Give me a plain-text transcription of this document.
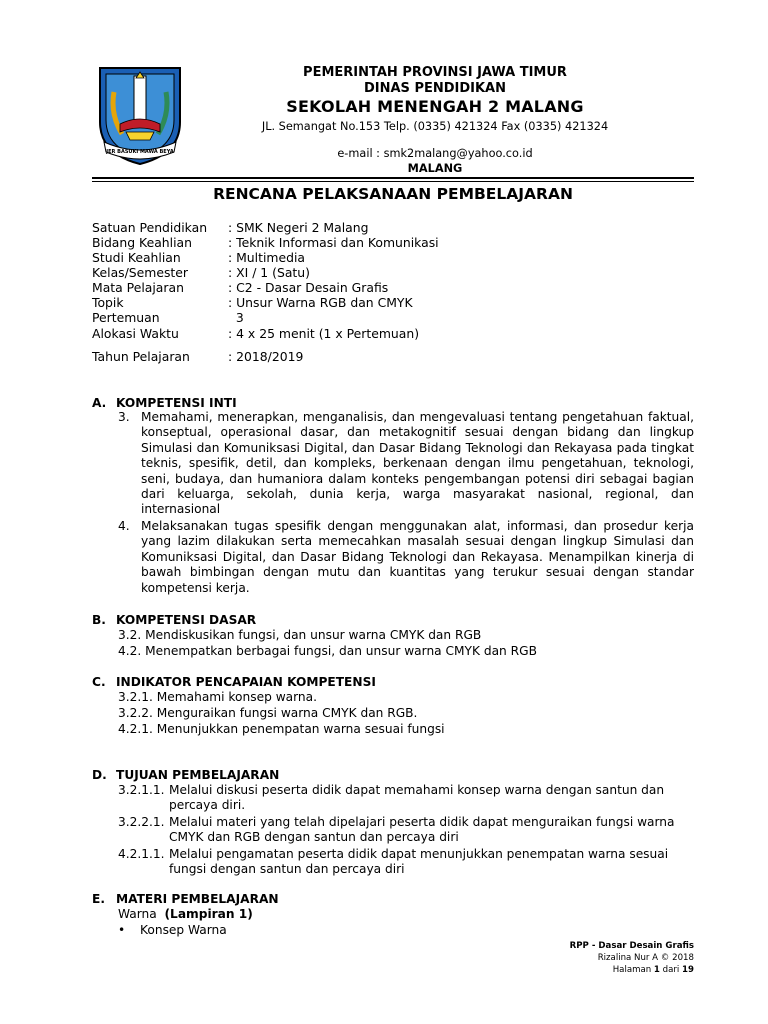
JER BASUKI MAWA BEYA
PEMERINTAH PROVINSI JAWA TIMUR
DINAS PENDIDIKAN
SEKOLAH MENENGAH 2 MALANG
JL. Semangat No.153 Telp. (0335) 421324 Fax (0335) 421324
e-mail : smk2malang@yahoo.co.id
MALANG
RENCANA PELAKSANAAN PEMBELAJARAN
Satuan Pendidikan : SMK Negeri 2 Malang
Bidang Keahlian	: Teknik Informasi dan Komunikasi
Studi Keahlian	: Multimedia
Kelas/Semester	: XI / 1 (Satu)
Mata Pelajaran	: C2 - Dasar Desain Grafis
Topik	: Unsur Warna RGB dan CMYK
Pertemuan	3
Alokasi Waktu	: 4 x 25 menit (1 x Pertemuan)
Tahun Pelajaran	: 2018/2019
A. KOMPETENSI INTI
3. Memahami, menerapkan, menganalisis, dan mengevaluasi tentang pengetahuan faktual, konseptual, operasional dasar, dan metakognitif sesuai dengan bidang dan lingkup Simulasi dan Komuniksasi Digital, dan Dasar Bidang Teknologi dan Rekayasa pada tingkat teknis, spesifik, detil, dan kompleks, berkenaan dengan ilmu pengetahuan, teknologi, seni, budaya, dan humaniora dalam konteks pengembangan potensi diri sebagai bagian dari keluarga, sekolah, dunia kerja, warga masyarakat nasional, regional, dan internasional
4. Melaksanakan tugas spesifik dengan menggunakan alat, informasi, dan prosedur kerja yang lazim dilakukan serta memecahkan masalah sesuai dengan lingkup Simulasi dan Komuniksasi Digital, dan Dasar Bidang Teknologi dan Rekayasa. Menampilkan kinerja di bawah bimbingan dengan mutu dan kuantitas yang terukur sesuai dengan standar kompetensi kerja.
B. KOMPETENSI DASAR
3.2. Mendiskusikan fungsi, dan unsur warna CMYK dan RGB
4.2. Menempatkan berbagai fungsi, dan unsur warna CMYK dan RGB
C. INDIKATOR PENCAPAIAN KOMPETENSI
3.2.1. Memahami konsep warna.
3.2.2. Menguraikan fungsi warna CMYK dan RGB.
4.2.1. Menunjukkan penempatan warna sesuai fungsi
D. TUJUAN PEMBELAJARAN
3.2.1.1. Melalui diskusi peserta didik dapat memahami konsep warna dengan santun dan percaya diri.
3.2.2.1. Melalui materi yang telah dipelajari peserta didik dapat menguraikan fungsi warna CMYK dan RGB dengan santun dan percaya diri
4.2.1.1. Melalui pengamatan peserta didik dapat menunjukkan penempatan warna sesuai fungsi dengan santun dan percaya diri
E. MATERI PEMBELAJARAN
Warna (Lampiran 1)
• Konsep Warna
RPP - Dasar Desain Grafis
Rizalina Nur A © 2018
Halaman 1 dari 19
